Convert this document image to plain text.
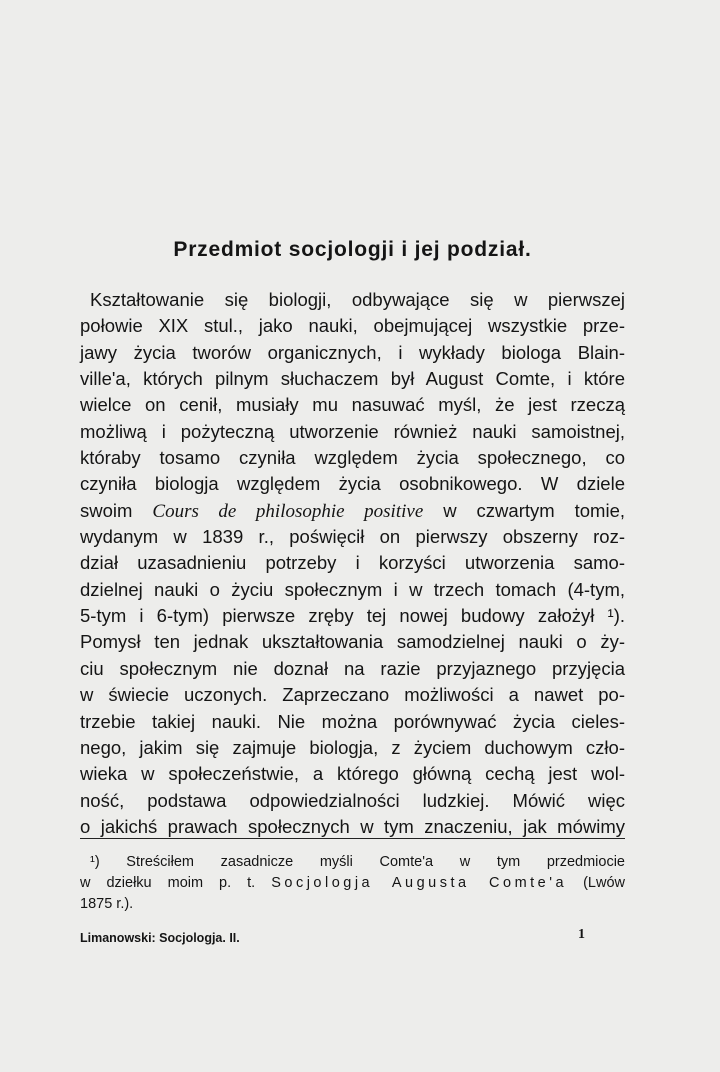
Przedmiot socjologji i jej podział.
Kształtowanie się biologji, odbywające się w pierwszej
połowie XIX stul., jako nauki, obejmującej wszystkie prze-
jawy życia tworów organicznych, i wykłady biologa Blain-
ville'a, których pilnym słuchaczem był August Comte, i które
wielce on cenił, musiały mu nasuwać myśl, że jest rzeczą
możliwą i pożyteczną utworzenie również nauki samoistnej,
któraby tosamo czyniła względem życia społecznego, co
czyniła biologja względem życia osobnikowego. W dziele
swoim Cours de philosophie positive w czwartym tomie,
wydanym w 1839 r., poświęcił on pierwszy obszerny roz-
dział uzasadnieniu potrzeby i korzyści utworzenia samo-
dzielnej nauki o życiu społecznym i w trzech tomach (4-tym,
5-tym i 6-tym) pierwsze zręby tej nowej budowy założył ¹).
Pomysł ten jednak ukształtowania samodzielnej nauki o ży-
ciu społecznym nie doznał na razie przyjaznego przyjęcia
w świecie uczonych. Zaprzeczano możliwości a nawet po-
trzebie takiej nauki. Nie można porównywać życia cieles-
nego, jakim się zajmuje biologja, z życiem duchowym czło-
wieka w społeczeństwie, a którego główną cechą jest wol-
ność, podstawa odpowiedzialności ludzkiej. Mówić więc
o jakichś prawach społecznych w tym znaczeniu, jak mówimy
¹) Streściłem zasadnicze myśli Comte'a w tym przedmiocie
w dziełku moim p. t. Socjologja Augusta Comte'a (Lwów
1875 r.).
Limanowski: Socjologja. II.	1
